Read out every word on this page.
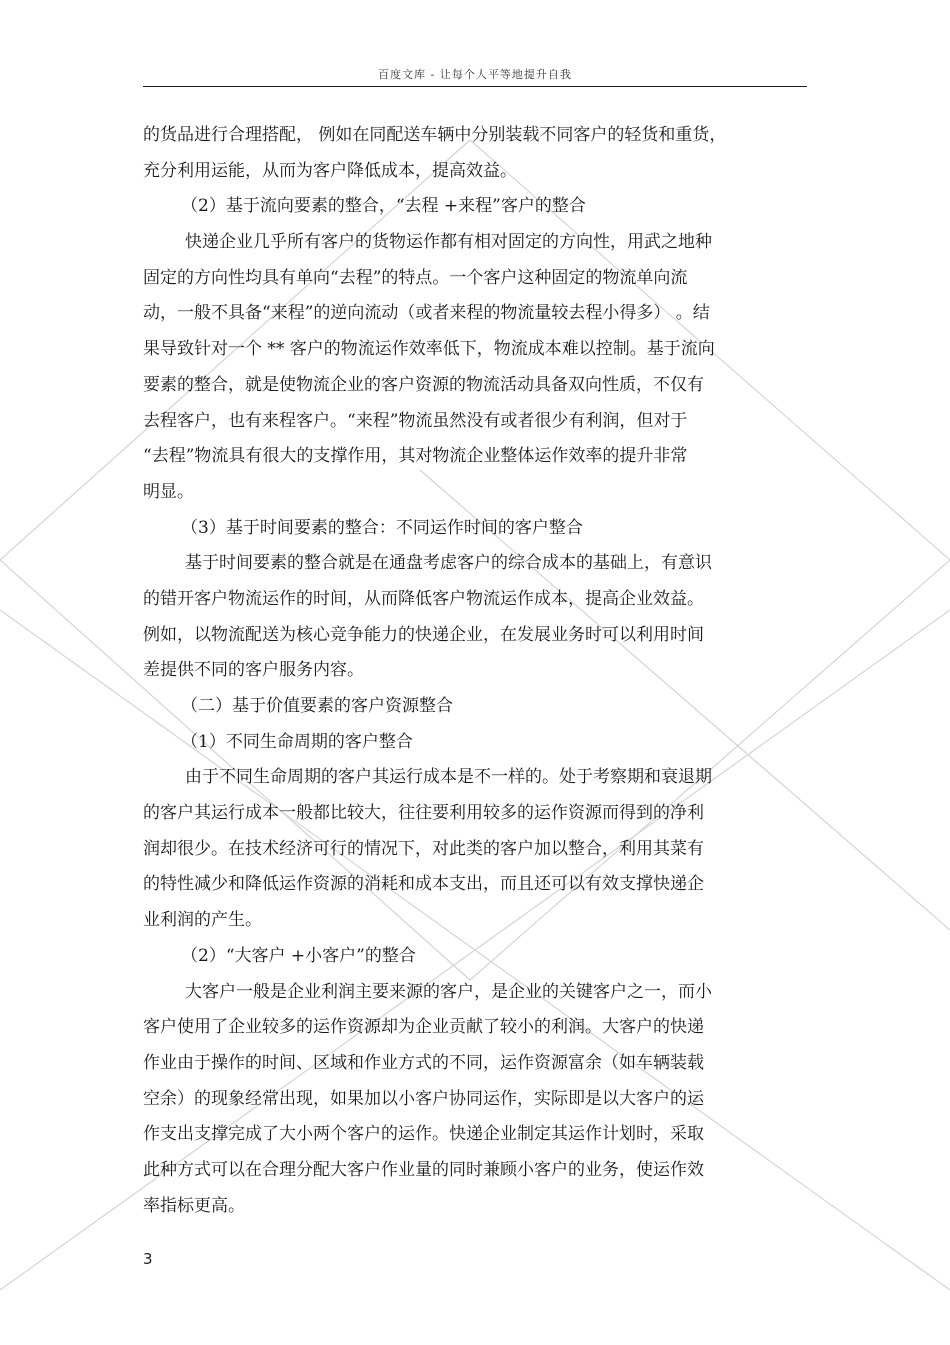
百度文库 - 让每个人平等地提升自我
的货品进行合理搭配， 例如在同配送车辆中分别装载不同客户的轻货和重货，
充分利用运能，从而为客户降低成本，提高效益。
（2）基于流向要素的整合，“去程 +来程”客户的整合
快递企业几乎所有客户的货物运作都有相对固定的方向性，用武之地种
固定的方向性均具有单向“去程”的特点。一个客户这种固定的物流单向流
动，一般不具备“来程”的逆向流动（或者来程的物流量较去程小得多） 。结
果导致针对一个 ** 客户的物流运作效率低下，物流成本难以控制。基于流向
要素的整合，就是使物流企业的客户资源的物流活动具备双向性质，不仅有
去程客户，也有来程客户。“来程”物流虽然没有或者很少有利润，但对于
“去程”物流具有很大的支撑作用，其对物流企业整体运作效率的提升非常
明显。
（3）基于时间要素的整合：不同运作时间的客户整合
基于时间要素的整合就是在通盘考虑客户的综合成本的基础上，有意识
的错开客户物流运作的时间，从而降低客户物流运作成本，提高企业效益。
例如，以物流配送为核心竞争能力的快递企业，在发展业务时可以利用时间
差提供不同的客户服务内容。
（二）基于价值要素的客户资源整合
（1）不同生命周期的客户整合
由于不同生命周期的客户其运行成本是不一样的。处于考察期和衰退期
的客户其运行成本一般都比较大，往往要利用较多的运作资源而得到的净利
润却很少。在技术经济可行的情况下，对此类的客户加以整合，利用其菜有
的特性减少和降低运作资源的消耗和成本支出，而且还可以有效支撑快递企
业利润的产生。
（2）“大客户 +小客户”的整合
大客户一般是企业利润主要来源的客户，是企业的关键客户之一，而小
客户使用了企业较多的运作资源却为企业贡献了较小的利润。大客户的快递
作业由于操作的时间、区域和作业方式的不同，运作资源富余（如车辆装载
空余）的现象经常出现，如果加以小客户协同运作，实际即是以大客户的运
作支出支撑完成了大小两个客户的运作。快递企业制定其运作计划时，采取
此种方式可以在合理分配大客户作业量的同时兼顾小客户的业务，使运作效
率指标更高。
3
